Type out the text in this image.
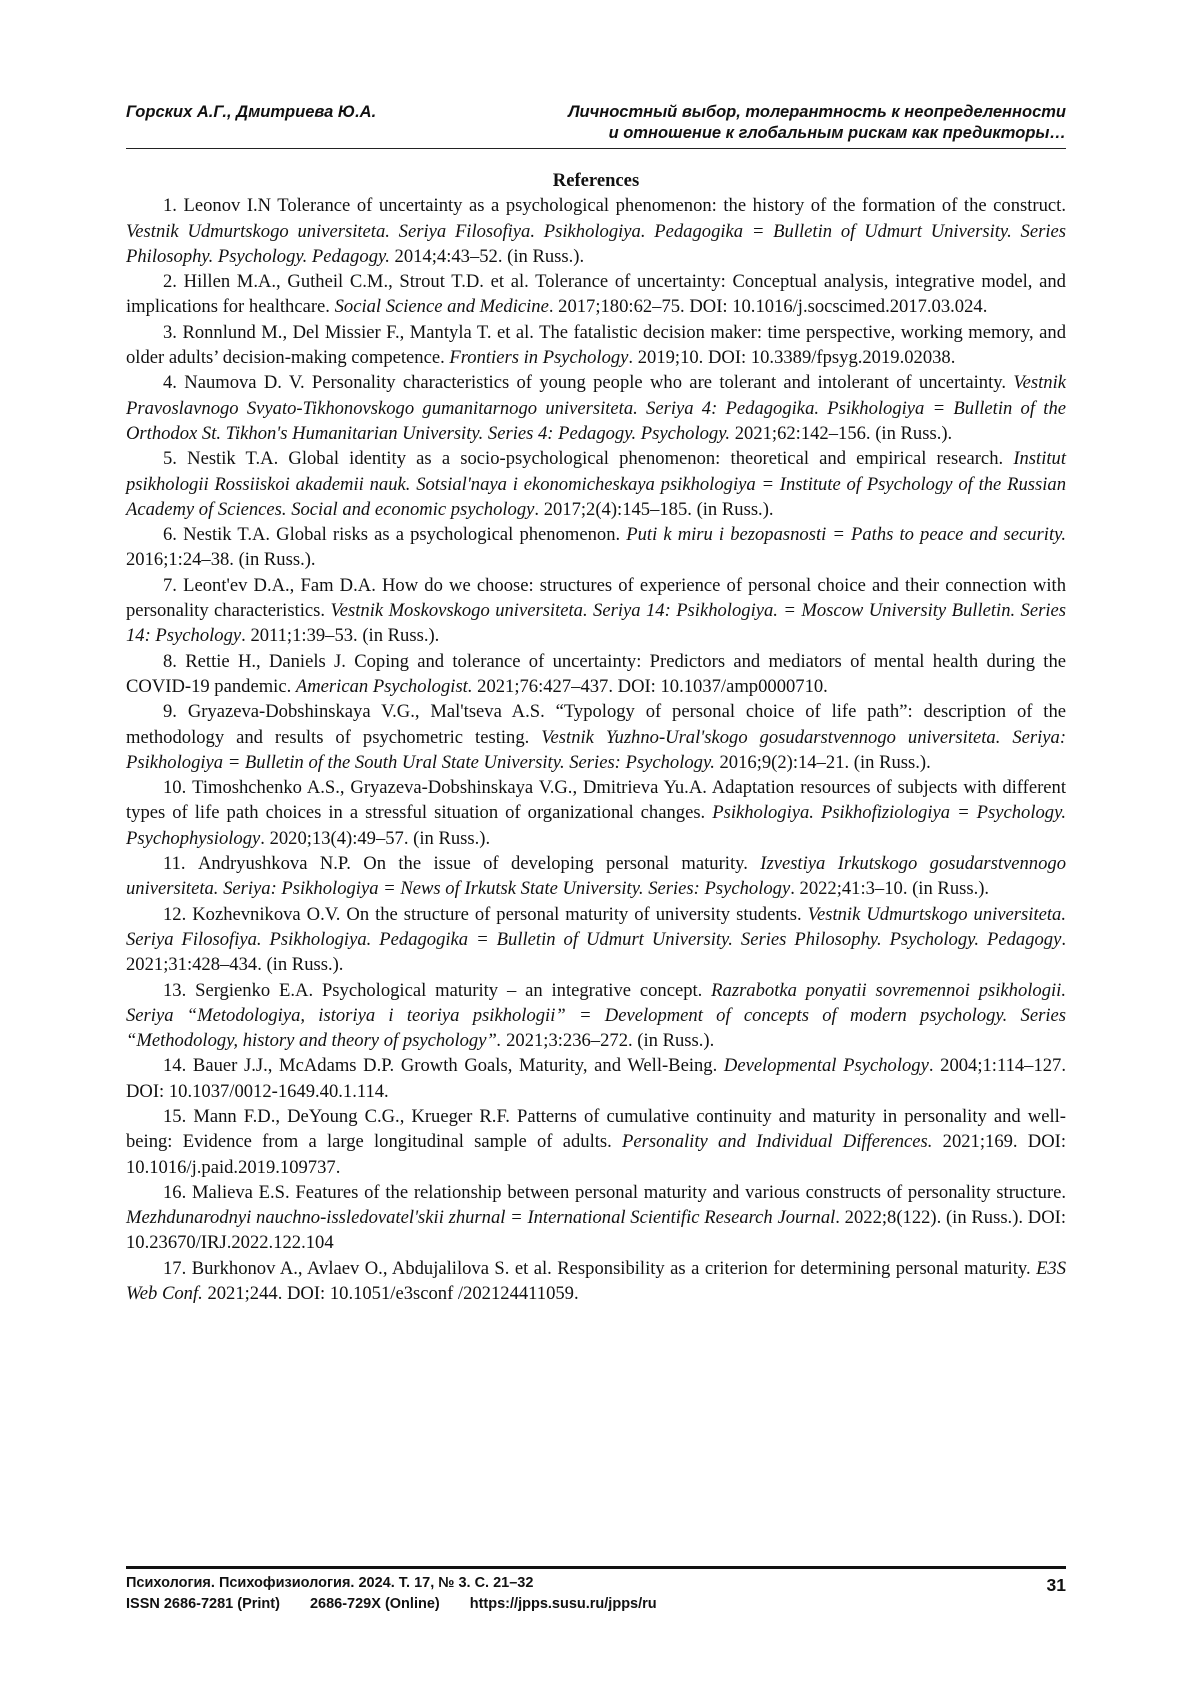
Горских А.Г., Дмитриева Ю.А.	Личностный выбор, толерантность к неопределенности
и отношение к глобальным рискам как предикторы…
References

1. Leonov I.N Tolerance of uncertainty as a psychological phenomenon: the history of the formation of the construct. Vestnik Udmurtskogo universiteta. Seriya Filosofiya. Psikhologiya. Pedagogika = Bulletin of Udmurt University. Series Philosophy. Psychology. Pedagogy. 2014;4:43–52. (in Russ.).

2. Hillen M.A., Gutheil C.M., Strout T.D. et al. Tolerance of uncertainty: Conceptual analysis, integrative model, and implications for healthcare. Social Science and Medicine. 2017;180:62–75. DOI: 10.1016/j.socscimed.2017.03.024.

3. Ronnlund M., Del Missier F., Mantyla T. et al. The fatalistic decision maker: time perspective, working memory, and older adults’ decision-making competence. Frontiers in Psychology. 2019;10. DOI: 10.3389/fpsyg.2019.02038.

4. Naumova D. V. Personality characteristics of young people who are tolerant and intolerant of uncertainty. Vestnik Pravoslavnogo Svyato-Tikhonovskogo gumanitarnogo universiteta. Seriya 4: Pedagogika. Psikhologiya = Bulletin of the Orthodox St. Tikhon's Humanitarian University. Series 4: Pedagogy. Psychology. 2021;62:142–156. (in Russ.).

5. Nestik T.A. Global identity as a socio-psychological phenomenon: theoretical and empirical research. Institut psikhologii Rossiiskoi akademii nauk. Sotsial'naya i ekonomicheskaya psikhologiya = Institute of Psychology of the Russian Academy of Sciences. Social and economic psychology. 2017;2(4):145–185. (in Russ.).

6. Nestik T.A. Global risks as a psychological phenomenon. Puti k miru i bezopasnosti = Paths to peace and security. 2016;1:24–38. (in Russ.).

7. Leont'ev D.A., Fam D.A. How do we choose: structures of experience of personal choice and their connection with personality characteristics. Vestnik Moskovskogo universiteta. Seriya 14: Psikhologiya. = Moscow University Bulletin. Series 14: Psychology. 2011;1:39–53. (in Russ.).

8. Rettie H., Daniels J. Coping and tolerance of uncertainty: Predictors and mediators of mental health during the COVID-19 pandemic. American Psychologist. 2021;76:427–437. DOI: 10.1037/amp0000710.

9. Gryazeva-Dobshinskaya V.G., Mal'tseva A.S. “Typology of personal choice of life path”: description of the methodology and results of psychometric testing. Vestnik Yuzhno-Ural'skogo gosudarstvennogo universiteta. Seriya: Psikhologiya = Bulletin of the South Ural State University. Series: Psychology. 2016;9(2):14–21. (in Russ.).

10. Timoshchenko A.S., Gryazeva-Dobshinskaya V.G., Dmitrieva Yu.A. Adaptation resources of subjects with different types of life path choices in a stressful situation of organizational changes. Psikhologiya. Psikhofiziologiya = Psychology. Psychophysiology. 2020;13(4):49–57. (in Russ.).

11. Andryushkova N.P. On the issue of developing personal maturity. Izvestiya Irkutskogo gosudarstvennogo universiteta. Seriya: Psikhologiya = News of Irkutsk State University. Series: Psychology. 2022;41:3–10. (in Russ.).

12. Kozhevnikova O.V. On the structure of personal maturity of university students. Vestnik Udmurtskogo universiteta. Seriya Filosofiya. Psikhologiya. Pedagogika = Bulletin of Udmurt University. Series Philosophy. Psychology. Pedagogy. 2021;31:428–434. (in Russ.).

13. Sergienko E.A. Psychological maturity – an integrative concept. Razrabotka ponyatii sovremennoi psikhologii. Seriya “Metodologiya, istoriya i teoriya psikhologii” = Development of concepts of modern psychology. Series “Methodology, history and theory of psychology”. 2021;3:236–272. (in Russ.).

14. Bauer J.J., McAdams D.P. Growth Goals, Maturity, and Well-Being. Developmental Psychology. 2004;1:114–127. DOI: 10.1037/0012-1649.40.1.114.

15. Mann F.D., DeYoung C.G., Krueger R.F. Patterns of cumulative continuity and maturity in personality and well-being: Evidence from a large longitudinal sample of adults. Personality and Individual Differences. 2021;169. DOI: 10.1016/j.paid.2019.109737.

16. Malieva E.S. Features of the relationship between personal maturity and various constructs of personality structure. Mezhdunarodnyi nauchno-issledovatel'skii zhurnal = International Scientific Research Journal. 2022;8(122). (in Russ.). DOI: 10.23670/IRJ.2022.122.104

17. Burkhonov A., Avlaev O., Abdujalilova S. et al. Responsibility as a criterion for determining personal maturity. E3S Web Conf. 2021;244. DOI: 10.1051/e3sconf /202124411059.

Психология. Психофизиология. 2024. Т. 17, № 3. С. 21–32
ISSN 2686-7281 (Print) 2686-729X (Online) https://jpps.susu.ru/jpps/ru
31
